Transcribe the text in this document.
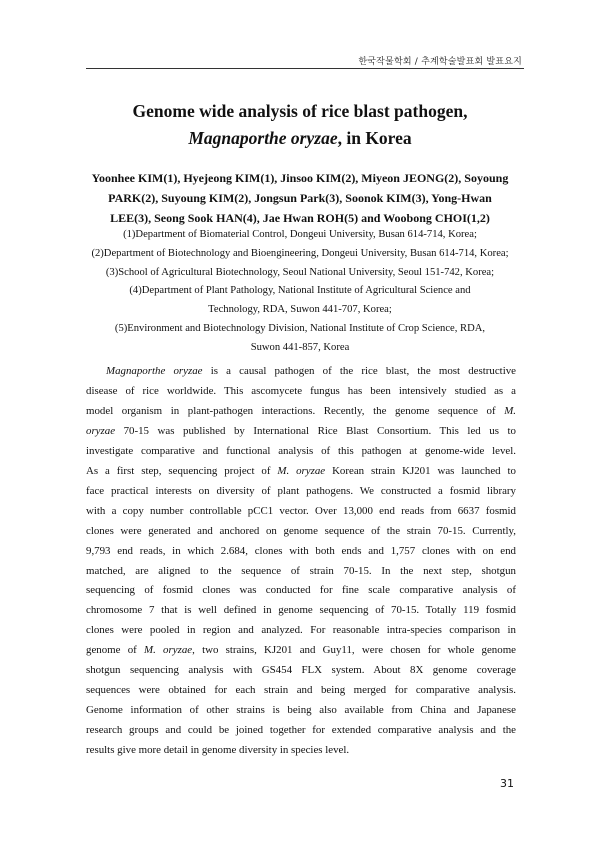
한국작물학회 / 추계학술발표회 발표요지
Genome wide analysis of rice blast pathogen,
Magnaporthe oryzae, in Korea
Yoonhee KIM(1), Hyejeong KIM(1), Jinsoo KIM(2), Miyeon JEONG(2), Soyoung
PARK(2), Suyoung KIM(2), Jongsun Park(3), Soonok KIM(3), Yong-Hwan
LEE(3), Seong Sook HAN(4), Jae Hwan ROH(5) and Woobong CHOI(1,2)
(1)Department of Biomaterial Control, Dongeui University, Busan 614-714, Korea;
(2)Department of Biotechnology and Bioengineering, Dongeui University, Busan 614-714, Korea;
(3)School of Agricultural Biotechnology, Seoul National University, Seoul 151-742, Korea;
(4)Department of Plant Pathology, National Institute of Agricultural Science and
Technology, RDA, Suwon 441-707, Korea;
(5)Environment and Biotechnology Division, National Institute of Crop Science, RDA,
Suwon 441-857, Korea
Magnaporthe oryzae is a causal pathogen of the rice blast, the most destructive
disease of rice worldwide. This ascomycete fungus has been intensively studied as a
model organism in plant-pathogen interactions. Recently, the genome sequence of M.
oryzae 70-15 was published by International Rice Blast Consortium. This led us to
investigate comparative and functional analysis of this pathogen at genome-wide level.
As a first step, sequencing project of M. oryzae Korean strain KJ201 was launched to
face practical interests on diversity of plant pathogens. We constructed a fosmid library
with a copy number controllable pCC1 vector. Over 13,000 end reads from 6637 fosmid
clones were generated and anchored on genome sequence of the strain 70-15. Currently,
9,793 end reads, in which 2.684, clones with both ends and 1,757 clones with on end
matched, are aligned to the sequence of strain 70-15. In the next step, shotgun
sequencing of fosmid clones was conducted for fine scale comparative analysis of
chromosome 7 that is well defined in genome sequencing of 70-15. Totally 119 fosmid
clones were pooled in region and analyzed. For reasonable intra-species comparison in
genome of M. oryzae, two strains, KJ201 and Guy11, were chosen for whole genome
shotgun sequencing analysis with GS454 FLX system. About 8X genome coverage
sequences were obtained for each strain and being merged for comparative analysis.
Genome information of other strains is being also available from China and Japanese
research groups and could be joined together for extended comparative analysis and the
results give more detail in genome diversity in species level.
31
